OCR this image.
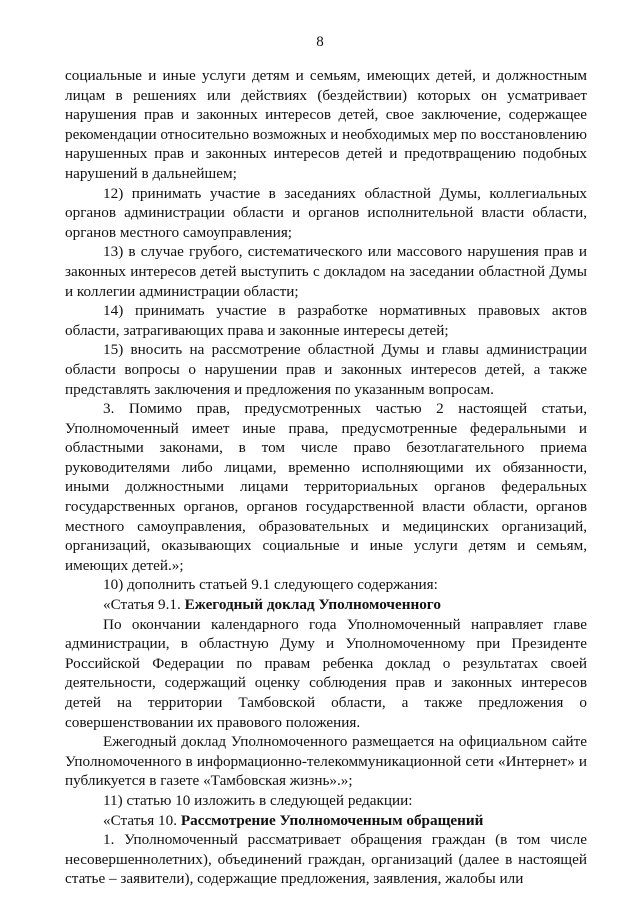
8

социальные и иные услуги детям и семьям, имеющих детей, и должностным лицам в решениях или действиях (бездействии) которых он усматривает нарушения прав и законных интересов детей, свое заключение, содержащее рекомендации относительно возможных и необходимых мер по восстановлению нарушенных прав и законных интересов детей и предотвращению подобных нарушений в дальнейшем;

12) принимать участие в заседаниях областной Думы, коллегиальных органов администрации области и органов исполнительной власти области, органов местного самоуправления;

13) в случае грубого, систематического или массового нарушения прав и законных интересов детей выступить с докладом на заседании областной Думы и коллегии администрации области;

14) принимать участие в разработке нормативных правовых актов области, затрагивающих права и законные интересы детей;

15) вносить на рассмотрение областной Думы и главы администрации области вопросы о нарушении прав и законных интересов детей, а также представлять заключения и предложения по указанным вопросам.

3. Помимо прав, предусмотренных частью 2 настоящей статьи, Уполномоченный имеет иные права, предусмотренные федеральными и областными законами, в том числе право безотлагательного приема руководителями либо лицами, временно исполняющими их обязанности, иными должностными лицами территориальных органов федеральных государственных органов, органов государственной власти области, органов местного самоуправления, образовательных и медицинских организаций, организаций, оказывающих социальные и иные услуги детям и семьям, имеющих детей.»;

10) дополнить статьей 9.1 следующего содержания:

«Статья 9.1. Ежегодный доклад Уполномоченного

По окончании календарного года Уполномоченный направляет главе администрации, в областную Думу и Уполномоченному при Президенте Российской Федерации по правам ребенка доклад о результатах своей деятельности, содержащий оценку соблюдения прав и законных интересов детей на территории Тамбовской области, а также предложения о совершенствовании их правового положения.

Ежегодный доклад Уполномоченного размещается на официальном сайте Уполномоченного в информационно-телекоммуникационной сети «Интернет» и публикуется в газете «Тамбовская жизнь».»;

11) статью 10 изложить в следующей редакции:

«Статья 10. Рассмотрение Уполномоченным обращений

1. Уполномоченный рассматривает обращения граждан (в том числе несовершеннолетних), объединений граждан, организаций (далее в настоящей статье – заявители), содержащие предложения, заявления, жалобы или
